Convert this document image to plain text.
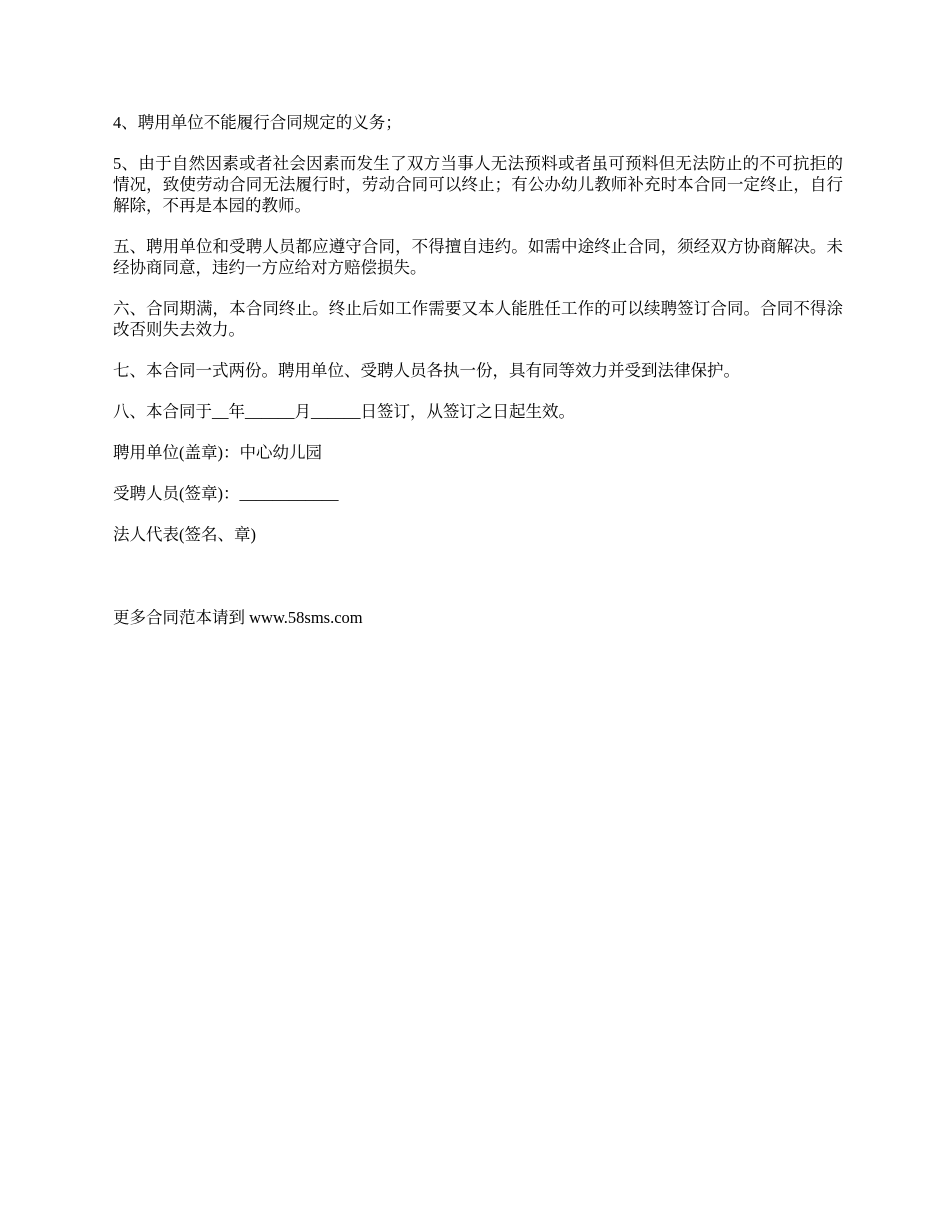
4、聘用单位不能履行合同规定的义务；

5、由于自然因素或者社会因素而发生了双方当事人无法预料或者虽可预料但无法防止的不可抗拒的情况，致使劳动合同无法履行时，劳动合同可以终止；有公办幼儿教师补充时本合同一定终止，自行解除，不再是本园的教师。

五、聘用单位和受聘人员都应遵守合同，不得擅自违约。如需中途终止合同，须经双方协商解决。未经协商同意，违约一方应给对方赔偿损失。

六、合同期满，本合同终止。终止后如工作需要又本人能胜任工作的可以续聘签订合同。合同不得涂改否则失去效力。

七、本合同一式两份。聘用单位、受聘人员各执一份，具有同等效力并受到法律保护。

八、本合同于__年______月______日签订，从签订之日起生效。

聘用单位(盖章)：中心幼儿园

受聘人员(签章)：____________

法人代表(签名、章)

更多合同范本请到 www.58sms.com
